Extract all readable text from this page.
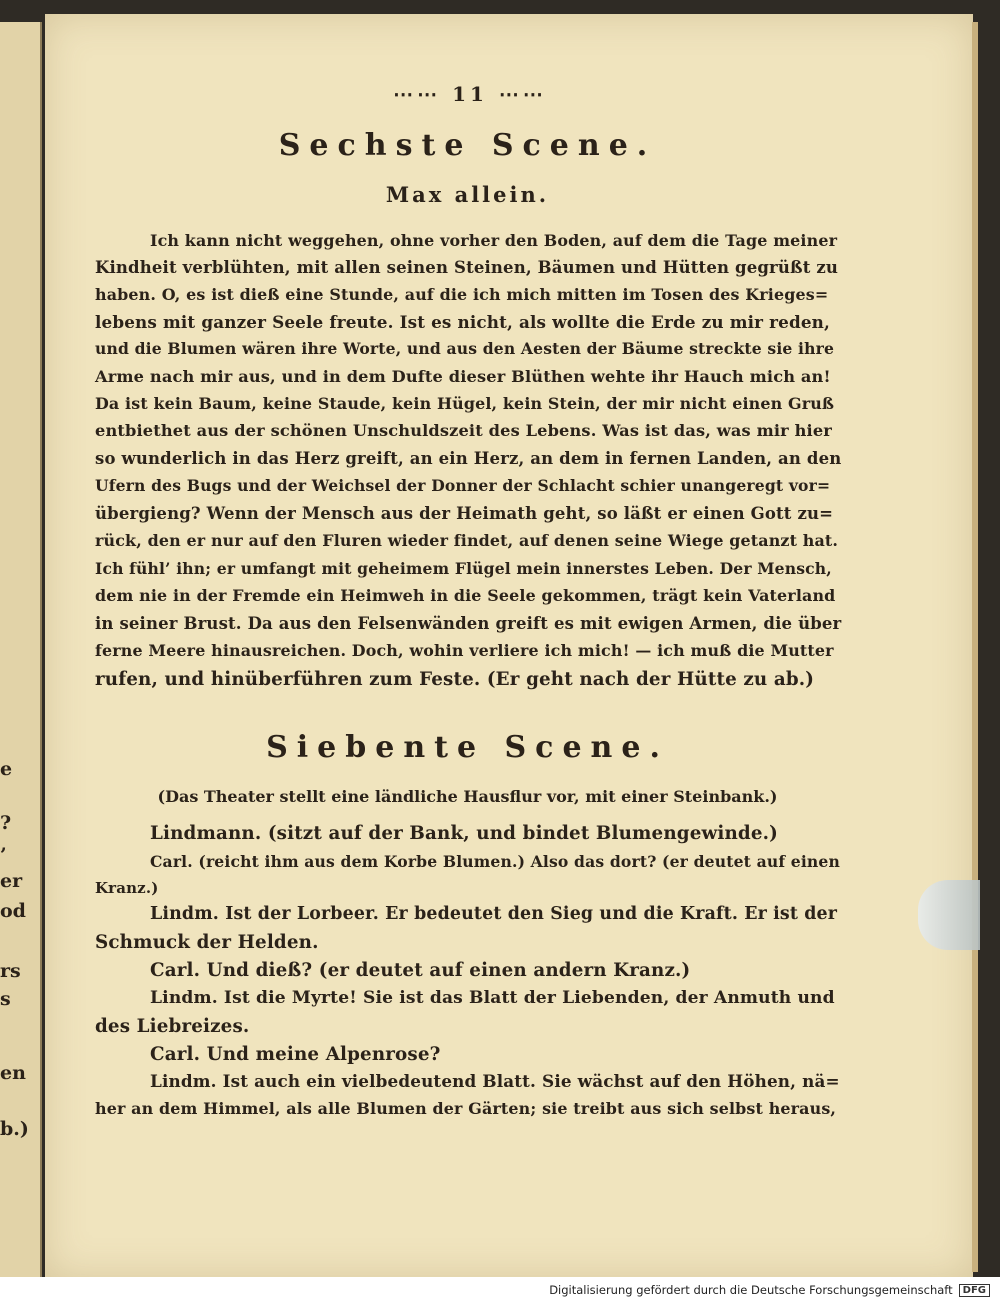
e
?
’
er
od
rs
s
en
b.)
⋯⋯ 11 ⋯⋯
Sechste Scene.
Max allein.
Ich kann nicht weggehen, ohne vorher den Boden, auf dem die Tage meiner
Kindheit verblühten, mit allen seinen Steinen, Bäumen und Hütten gegrüßt zu
haben. O, es ist dieß eine Stunde, auf die ich mich mitten im Tosen des Krieges=
lebens mit ganzer Seele freute. Ist es nicht, als wollte die Erde zu mir reden,
und die Blumen wären ihre Worte, und aus den Aesten der Bäume streckte sie ihre
Arme nach mir aus, und in dem Dufte dieser Blüthen wehte ihr Hauch mich an!
Da ist kein Baum, keine Staude, kein Hügel, kein Stein, der mir nicht einen Gruß
entbiethet aus der schönen Unschuldszeit des Lebens. Was ist das, was mir hier
so wunderlich in das Herz greift, an ein Herz, an dem in fernen Landen, an den
Ufern des Bugs und der Weichsel der Donner der Schlacht schier unangeregt vor=
übergieng? Wenn der Mensch aus der Heimath geht, so läßt er einen Gott zu=
rück, den er nur auf den Fluren wieder findet, auf denen seine Wiege getanzt hat.
Ich fühl’ ihn; er umfangt mit geheimem Flügel mein innerstes Leben. Der Mensch,
dem nie in der Fremde ein Heimweh in die Seele gekommen, trägt kein Vaterland
in seiner Brust. Da aus den Felsenwänden greift es mit ewigen Armen, die über
ferne Meere hinausreichen. Doch, wohin verliere ich mich! — ich muß die Mutter
rufen, und hinüberführen zum Feste. (Er geht nach der Hütte zu ab.)
Siebente Scene.
(Das Theater stellt eine ländliche Hausflur vor, mit einer Steinbank.)
Lindmann. (sitzt auf der Bank, und bindet Blumengewinde.)
Carl. (reicht ihm aus dem Korbe Blumen.) Also das dort? (er deutet auf einen
Kranz.)
Lindm. Ist der Lorbeer. Er bedeutet den Sieg und die Kraft. Er ist der
Schmuck der Helden.
Carl. Und dieß? (er deutet auf einen andern Kranz.)
Lindm. Ist die Myrte! Sie ist das Blatt der Liebenden, der Anmuth und
des Liebreizes.
Carl. Und meine Alpenrose?
Lindm. Ist auch ein vielbedeutend Blatt. Sie wächst auf den Höhen, nä=
her an dem Himmel, als alle Blumen der Gärten; sie treibt aus sich selbst heraus,
Digitalisierung gefördert durch die Deutsche Forschungsgemeinschaft	DFG
